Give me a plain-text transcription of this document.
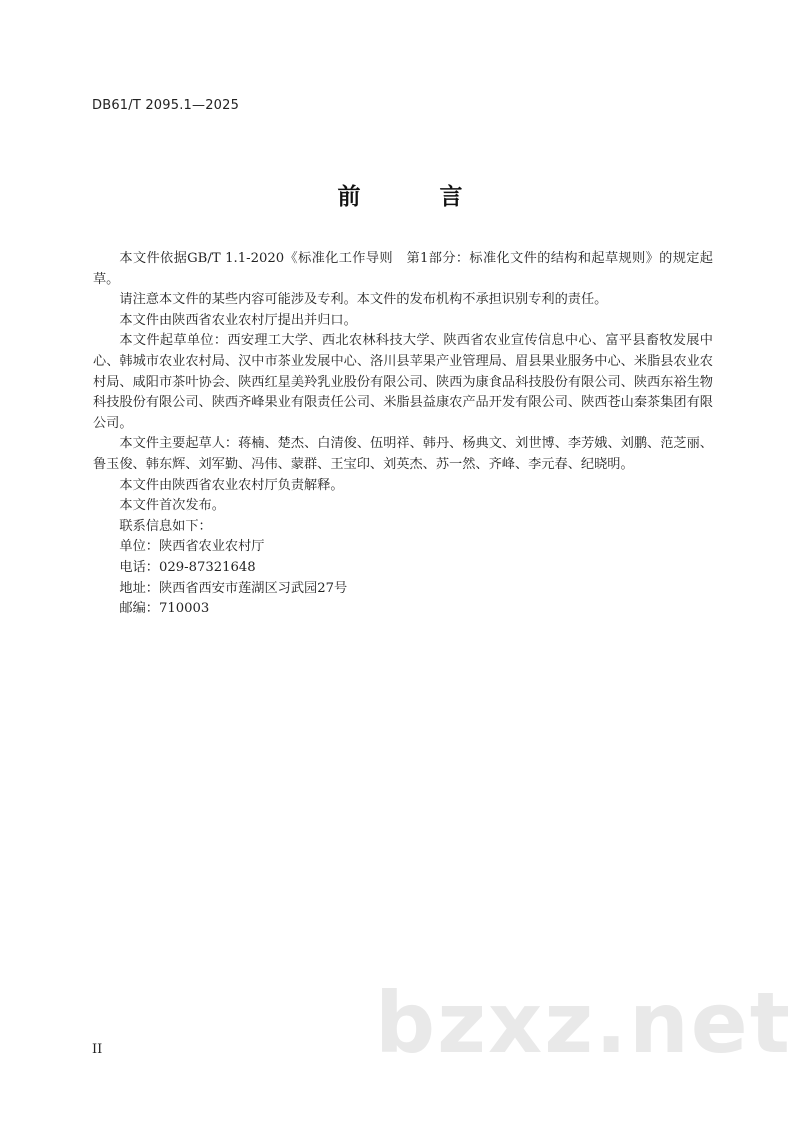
DB61/T 2095.1—2025
前　言

本文件依据GB/T 1.1-2020《标准化工作导则　第1部分：标准化文件的结构和起草规则》的规定起草。

请注意本文件的某些内容可能涉及专利。本文件的发布机构不承担识别专利的责任。

本文件由陕西省农业农村厅提出并归口。

本文件起草单位：西安理工大学、西北农林科技大学、陕西省农业宣传信息中心、富平县畜牧发展中心、韩城市农业农村局、汉中市茶业发展中心、洛川县苹果产业管理局、眉县果业服务中心、米脂县农业农村局、咸阳市茶叶协会、陕西红星美羚乳业股份有限公司、陕西为康食品科技股份有限公司、陕西东裕生物科技股份有限公司、陕西齐峰果业有限责任公司、米脂县益康农产品开发有限公司、陕西苍山秦茶集团有限公司。

本文件主要起草人：蒋楠、楚杰、白清俊、伍明祥、韩丹、杨典文、刘世博、李芳娥、刘鹏、范芝丽、鲁玉俊、韩东辉、刘军勤、冯伟、蒙群、王宝印、刘英杰、苏一然、齐峰、李元春、纪晓明。

本文件由陕西省农业农村厅负责解释。

本文件首次发布。

联系信息如下：

单位：陕西省农业农村厅

电话：029-87321648

地址：陕西省西安市莲湖区习武园27号

邮编：710003

II	bzxz.net
